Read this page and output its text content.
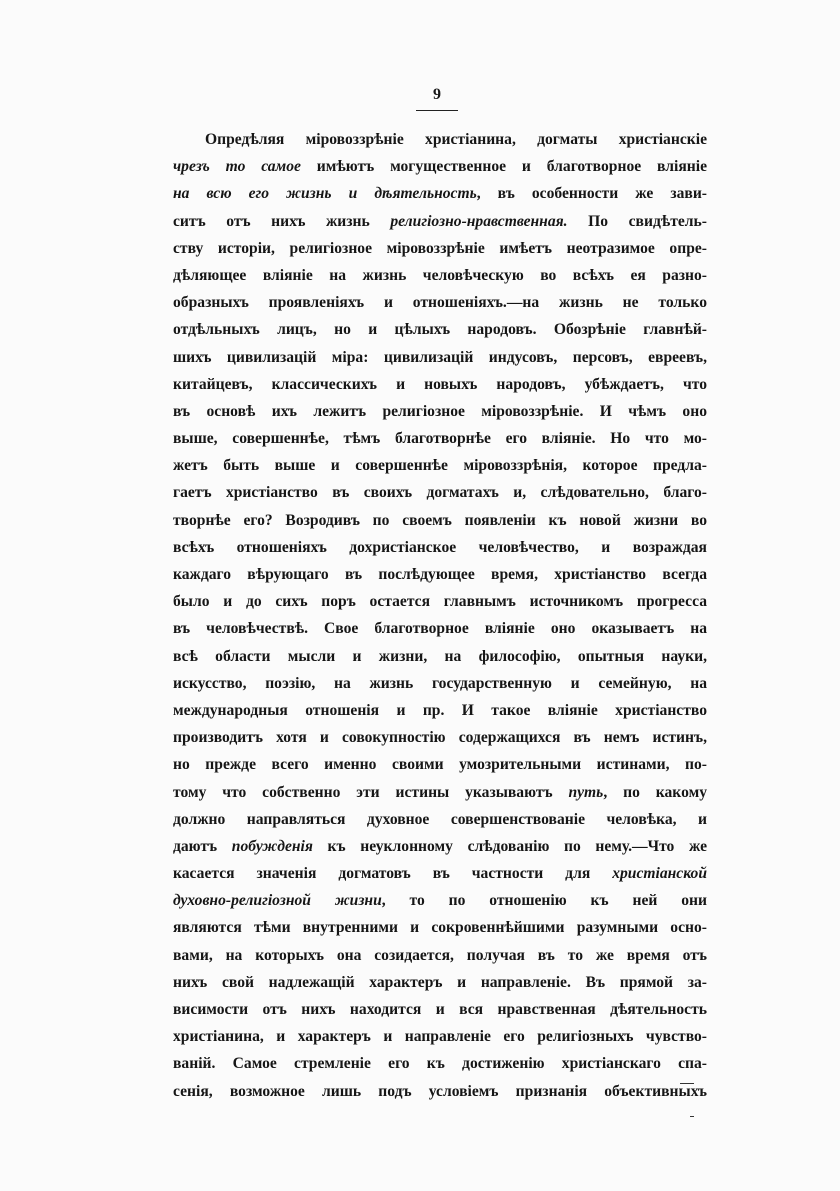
9
Опредѣляя міровоззрѣніе христіанина, догматы христіанскіе
чрезъ то самое имѣютъ могущественное и благотворное вліяніе
на всю его жизнь и дѣятельность, въ особенности же зави-
ситъ отъ нихъ жизнь религіозно-нравственная. По свидѣтель-
ству исторіи, религіозное міровоззрѣніе имѣетъ неотразимое опре-
дѣляющее вліяніе на жизнь человѣческую во всѣхъ ея разно-
образныхъ проявленіяхъ и отношеніяхъ.—на жизнь не только
отдѣльныхъ лицъ, но и цѣлыхъ народовъ. Обозрѣніе главнѣй-
шихъ цивилизацій міра: цивилизацій индусовъ, персовъ, евреевъ,
китайцевъ, классическихъ и новыхъ народовъ, убѣждаетъ, что
въ основѣ ихъ лежитъ религіозное міровоззрѣніе. И чѣмъ оно
выше, совершеннѣе, тѣмъ благотворнѣе его вліяніе. Но что мо-
жетъ быть выше и совершеннѣе міровоззрѣнія, которое предла-
гаетъ христіанство въ своихъ догматахъ и, слѣдовательно, благо-
творнѣе его? Возродивъ по своемъ появленіи къ новой жизни во
всѣхъ отношеніяхъ дохристіанское человѣчество, и возраждая
каждаго вѣрующаго въ послѣдующее время, христіанство всегда
было и до сихъ поръ остается главнымъ источникомъ прогресса
въ человѣчествѣ. Свое благотворное вліяніе оно оказываетъ на
всѣ области мысли и жизни, на философію, опытныя науки,
искусство, поэзію, на жизнь государственную и семейную, на
международныя отношенія и пр. И такое вліяніе христіанство
производитъ хотя и совокупностію содержащихся въ немъ истинъ,
но прежде всего именно своими умозрительными истинами, по-
тому что собственно эти истины указываютъ путь, по какому
должно направляться духовное совершенствованіе человѣка, и
даютъ побужденія къ неуклонному слѣдованію по нему.—Что же
касается значенія догматовъ въ частности для христіанской
духовно-религіозной жизни, то по отношенію къ ней они
являются тѣми внутренними и сокровеннѣйшими разумными осно-
вами, на которыхъ она созидается, получая въ то же время отъ
нихъ свой надлежащій характеръ и направленіе. Въ прямой за-
висимости отъ нихъ находится и вся нравственная дѣятельность
христіанина, и характеръ и направленіе его религіозныхъ чувство-
ваній. Самое стремленіе его къ достиженію христіанскаго спа-
сенія, возможное лишь подъ условіемъ признанія объективныхъ
